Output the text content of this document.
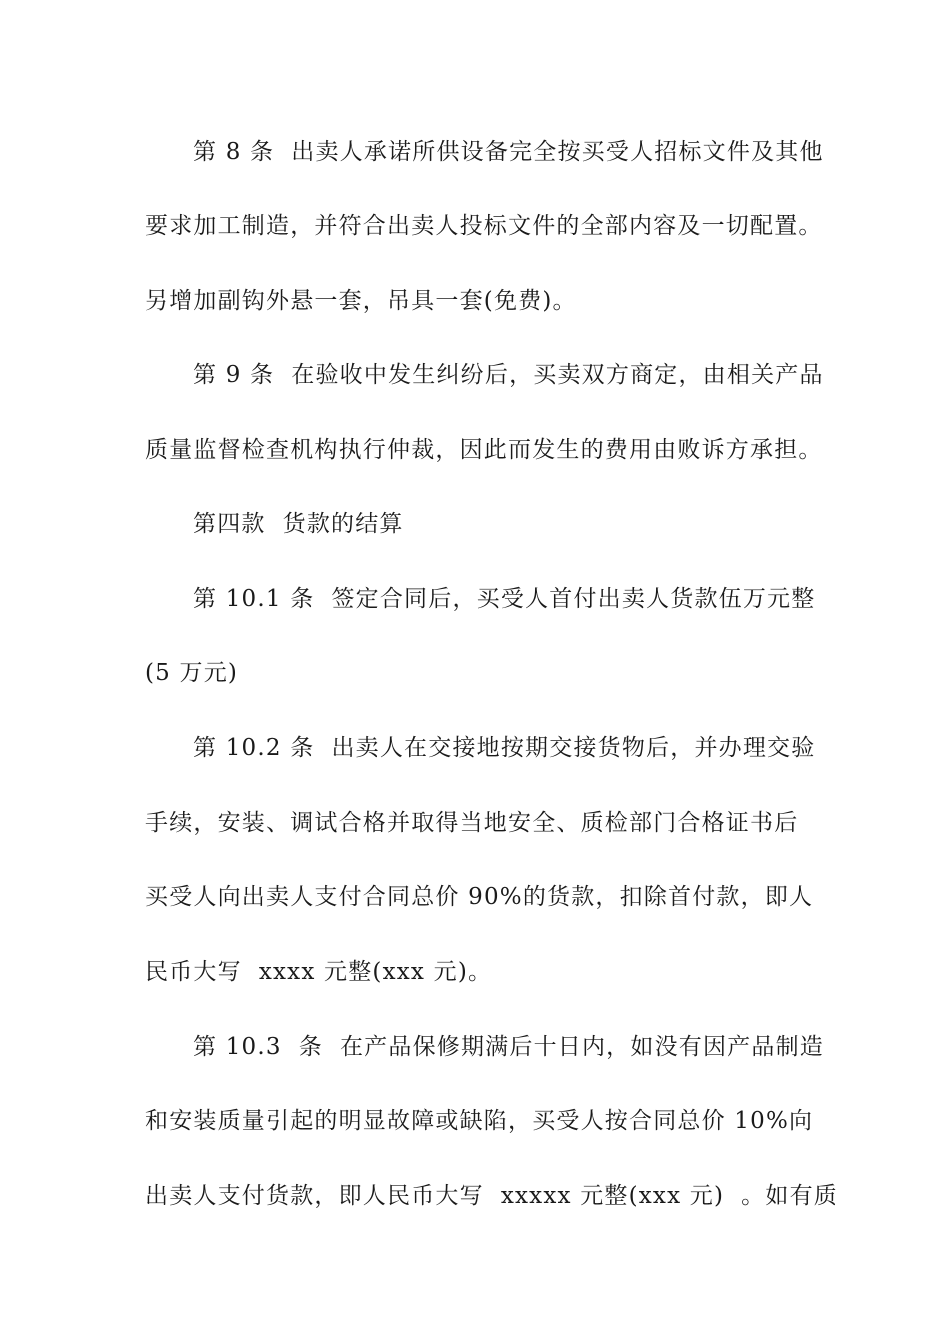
第 8 条  出卖人承诺所供设备完全按买受人招标文件及其他
要求加工制造，并符合出卖人投标文件的全部内容及一切配置。
另增加副钩外悬一套，吊具一套(免费)。
第 9 条  在验收中发生纠纷后，买卖双方商定，由相关产品
质量监督检查机构执行仲裁，因此而发生的费用由败诉方承担。
第四款  货款的结算
第 10.1 条  签定合同后，买受人首付出卖人货款伍万元整
(5 万元)
第 10.2 条  出卖人在交接地按期交接货物后，并办理交验
手续，安装、调试合格并取得当地安全、质检部门合格证书后
买受人向出卖人支付合同总价 90%的货款，扣除首付款，即人
民币大写  xxxx 元整(xxx 元)。
第 10.3  条  在产品保修期满后十日内，如没有因产品制造
和安装质量引起的明显故障或缺陷，买受人按合同总价 10%向
出卖人支付货款，即人民币大写  xxxxx 元整(xxx 元)  。如有质
